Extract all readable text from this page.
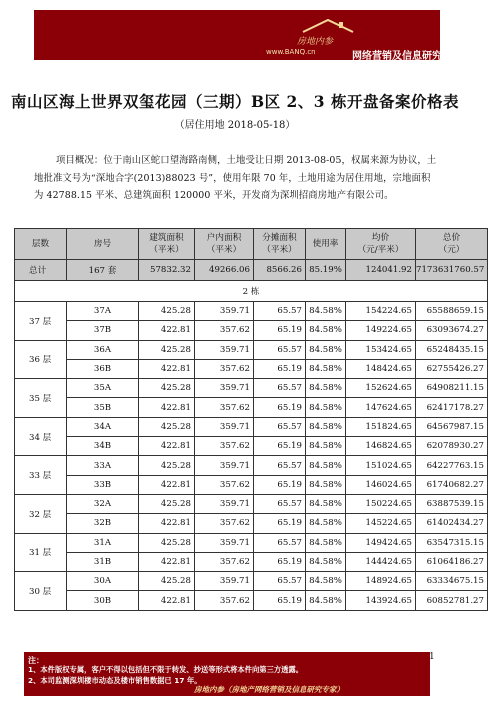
房地内参
www.BANQ.cn	网络营销及信息研究专家
南山区海上世界双玺花园（三期）B区 2、3 栋开盘备案价格表
（居住用地 2018-05-18）
项目概况：位于南山区蛇口望海路南侧，土地受让日期 2013-08-05，权属来源为协议，土地批准文号为“深地合字(2013)88023 号”，使用年限 70 年，土地用途为居住用地，宗地面积为 42788.15 平米、总建筑面积 120000 平米，开发商为深圳招商房地产有限公司。
层数	房号	建筑面积
（平米）	户内面积
（平米）	分摊面积
（平米）	使用率	均价
（元/平米）	总价
（元）
总计	167 套	57832.32	49266.06	8566.26	85.19%	124041.92	7173631760.57
2 栋							
37 层	37A	425.28	359.71	65.57	84.58%	154224.65	65588659.15
	37B	422.81	357.62	65.19	84.58%	149224.65	63093674.27
36 层	36A	425.28	359.71	65.57	84.58%	153424.65	65248435.15
	36B	422.81	357.62	65.19	84.58%	148424.65	62755426.27
35 层	35A	425.28	359.71	65.57	84.58%	152624.65	64908211.15
	35B	422.81	357.62	65.19	84.58%	147624.65	62417178.27
34 层	34A	425.28	359.71	65.57	84.58%	151824.65	64567987.15
	34B	422.81	357.62	65.19	84.58%	146824.65	62078930.27
33 层	33A	425.28	359.71	65.57	84.58%	151024.65	64227763.15
	33B	422.81	357.62	65.19	84.58%	146024.65	61740682.27
32 层	32A	425.28	359.71	65.57	84.58%	150224.65	63887539.15
	32B	422.81	357.62	65.19	84.58%	145224.65	61402434.27
31 层	31A	425.28	359.71	65.57	84.58%	149424.65	63547315.15
	31B	422.81	357.62	65.19	84.58%	144424.65	61064186.27
30 层	30A	425.28	359.71	65.57	84.58%	148924.65	63334675.15
	30B	422.81	357.62	65.19	84.58%	143924.65	60852781.27
注：
1、本件版权专属，客户不得以包括但不限于转发、抄送等形式将本件向第三方透露。
2、本司监测深圳楼市动态及楼市销售数据已 17 年。
房地内参（房地产网络营销及信息研究专家）
1
